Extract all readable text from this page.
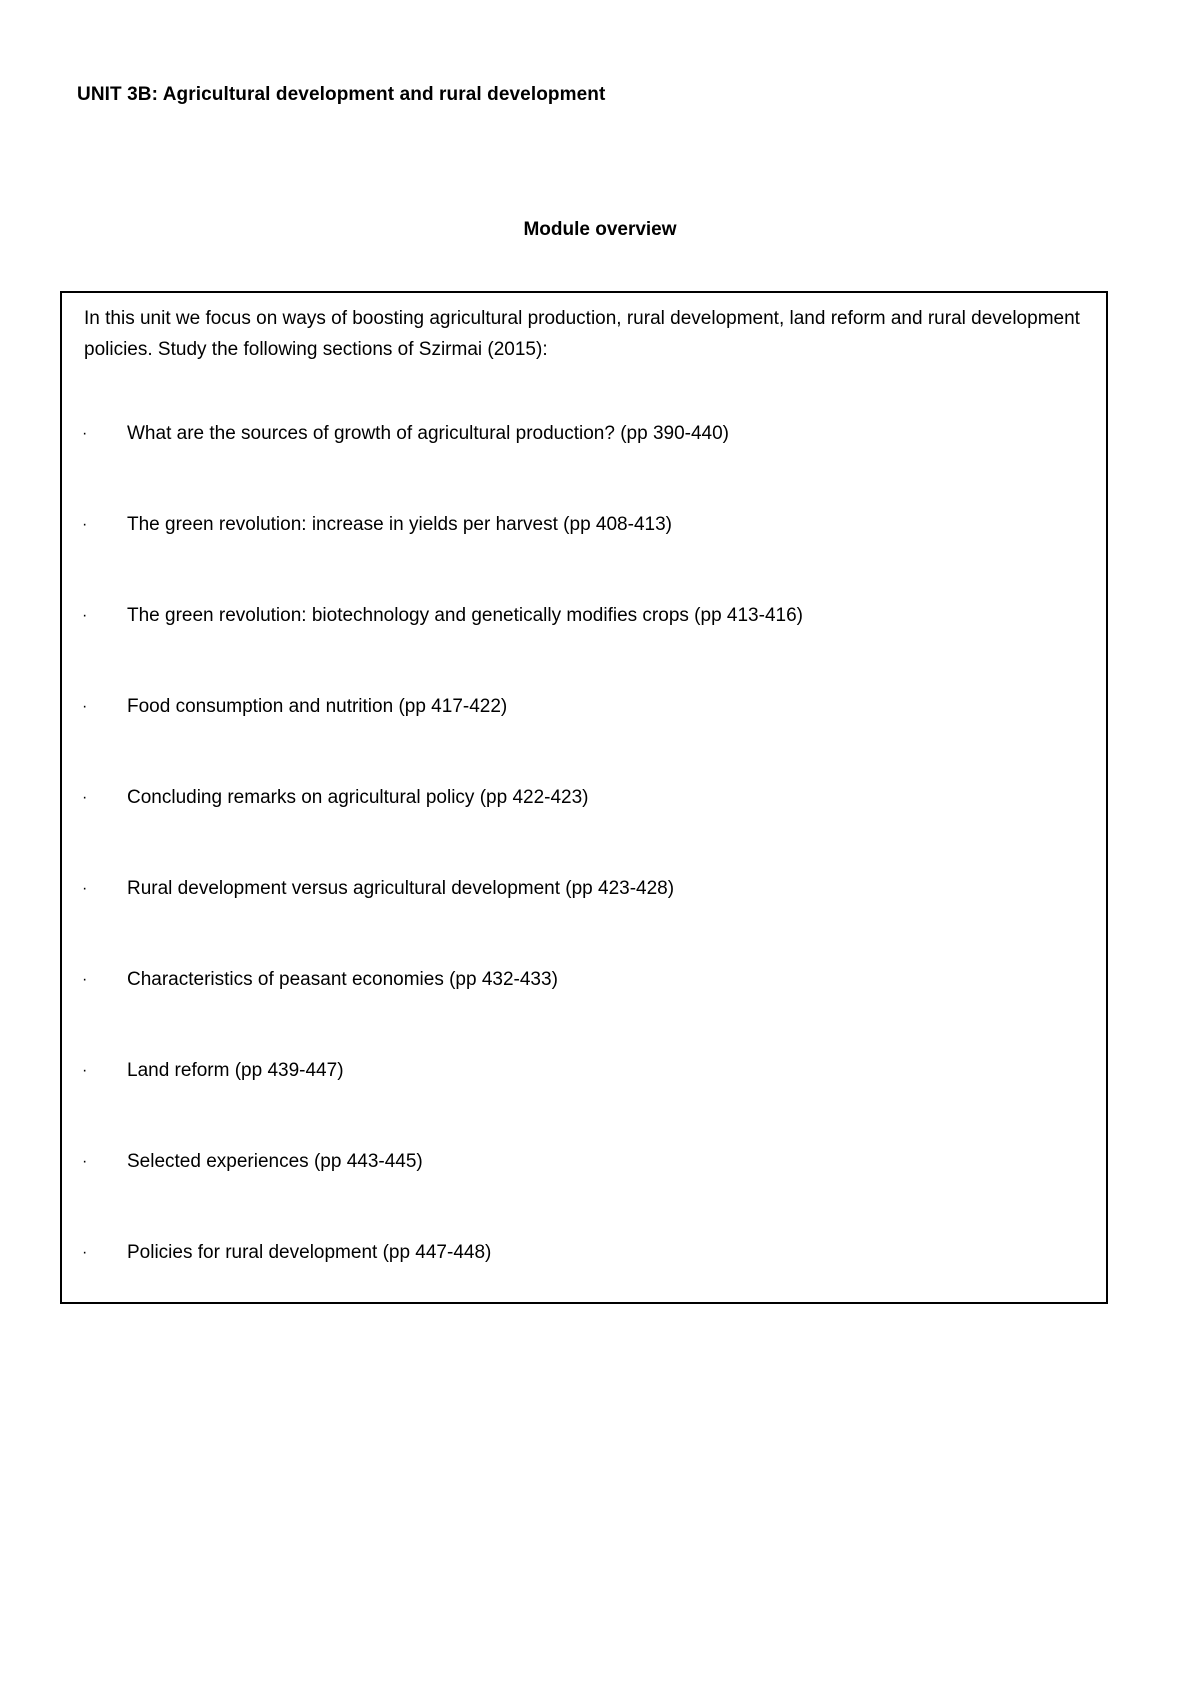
UNIT 3B: Agricultural development and rural development
Module overview

In this unit we focus on ways of boosting agricultural production, rural development, land reform and rural development policies. Study the following sections of Szirmai (2015):

· What are the sources of growth of agricultural production? (pp 390-440)
· The green revolution: increase in yields per harvest (pp 408-413)
· The green revolution: biotechnology and genetically modifies crops (pp 413-416)
· Food consumption and nutrition (pp 417-422)
· Concluding remarks on agricultural policy (pp 422-423)
· Rural development versus agricultural development (pp 423-428)
· Characteristics of peasant economies (pp 432-433)
· Land reform (pp 439-447)
· Selected experiences (pp 443-445)
· Policies for rural development (pp 447-448)
